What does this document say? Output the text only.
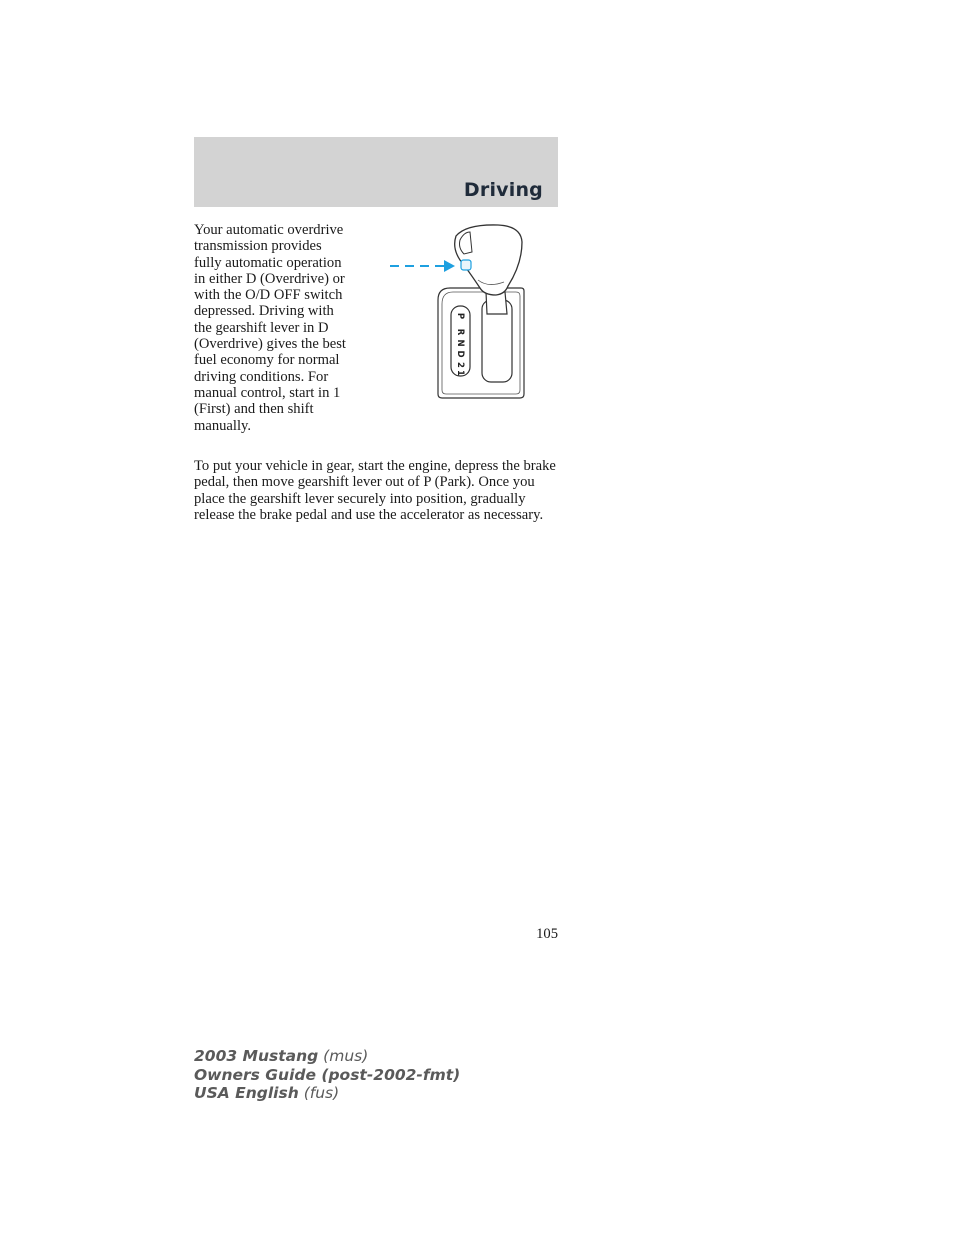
Driving
P
R
N
D
2
1
Your automatic overdrive transmission provides fully automatic operation in either D (Overdrive) or with the O/D OFF switch depressed. Driving with the gearshift lever in D (Overdrive) gives the best fuel economy for normal driving conditions. For manual control, start in 1 (First) and then shift manually.

To put your vehicle in gear, start the engine, depress the brake pedal, then move gearshift lever out of P (Park). Once you place the gearshift lever securely into position, gradually release the brake pedal and use the accelerator as necessary.

105
2003 Mustang (mus)
Owners Guide (post-2002-fmt)
USA English (fus)
